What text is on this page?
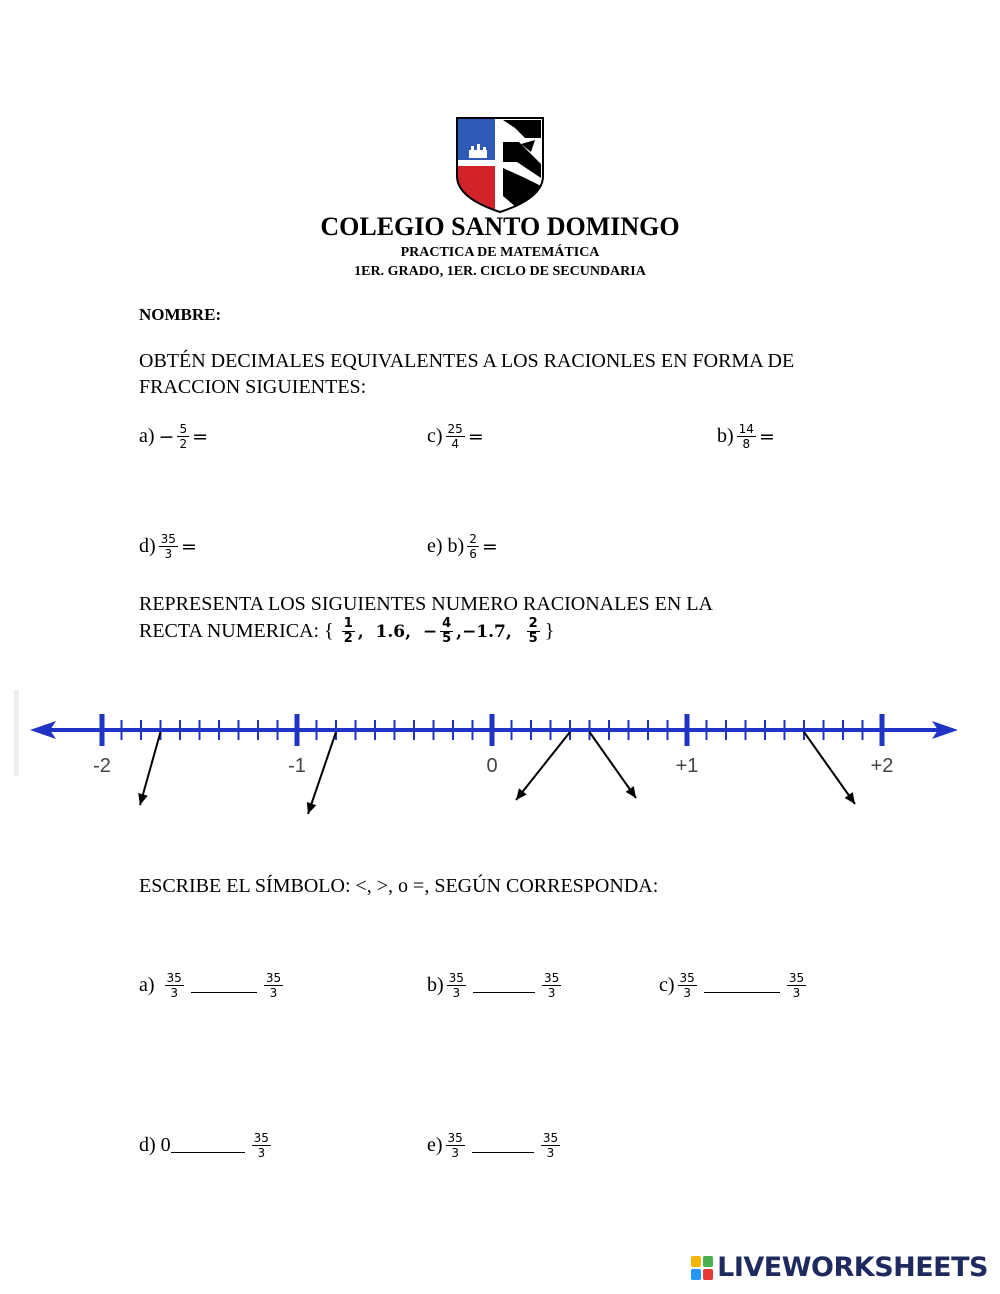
COLEGIO SANTO DOMINGO
PRACTICA DE MATEMÁTICA
1ER. GRADO, 1ER. CICLO DE SECUNDARIA
NOMBRE:
OBTÉN DECIMALES EQUIVALENTES A LOS RACIONLES EN FORMA DE FRACCION SIGUIENTES:
$a) - \frac{5}{2}$ =	$c) \frac{25}{4}$ =	$b) \frac{14}{8}$ =
$d) \frac{35}{3}$ =	e) $b) \frac{2}{6}$ =
REPRESENTA LOS SIGUIENTES NUMERO RACIONALES EN LA
RECTA NUMERICA: { $\frac{1}{2}$ , 1.6 , − $\frac{4}{5}$ , −1.7 , $\frac{2}{5}$ }
-2	-1	0	+1	+2
ESCRIBE EL SÍMBOLO: <, >, o =, SEGÚN CORRESPONDA:
$a) \frac{35}{3}$	$\frac{35}{3}$	$b) \frac{35}{3}$	$\frac{35}{3}$	$c) \frac{35}{3}$	$\frac{35}{3}$
d) 0	$\frac{35}{3}$	$e) \frac{35}{3}$	$\frac{35}{3}$
LIVEWORKSHEETS
